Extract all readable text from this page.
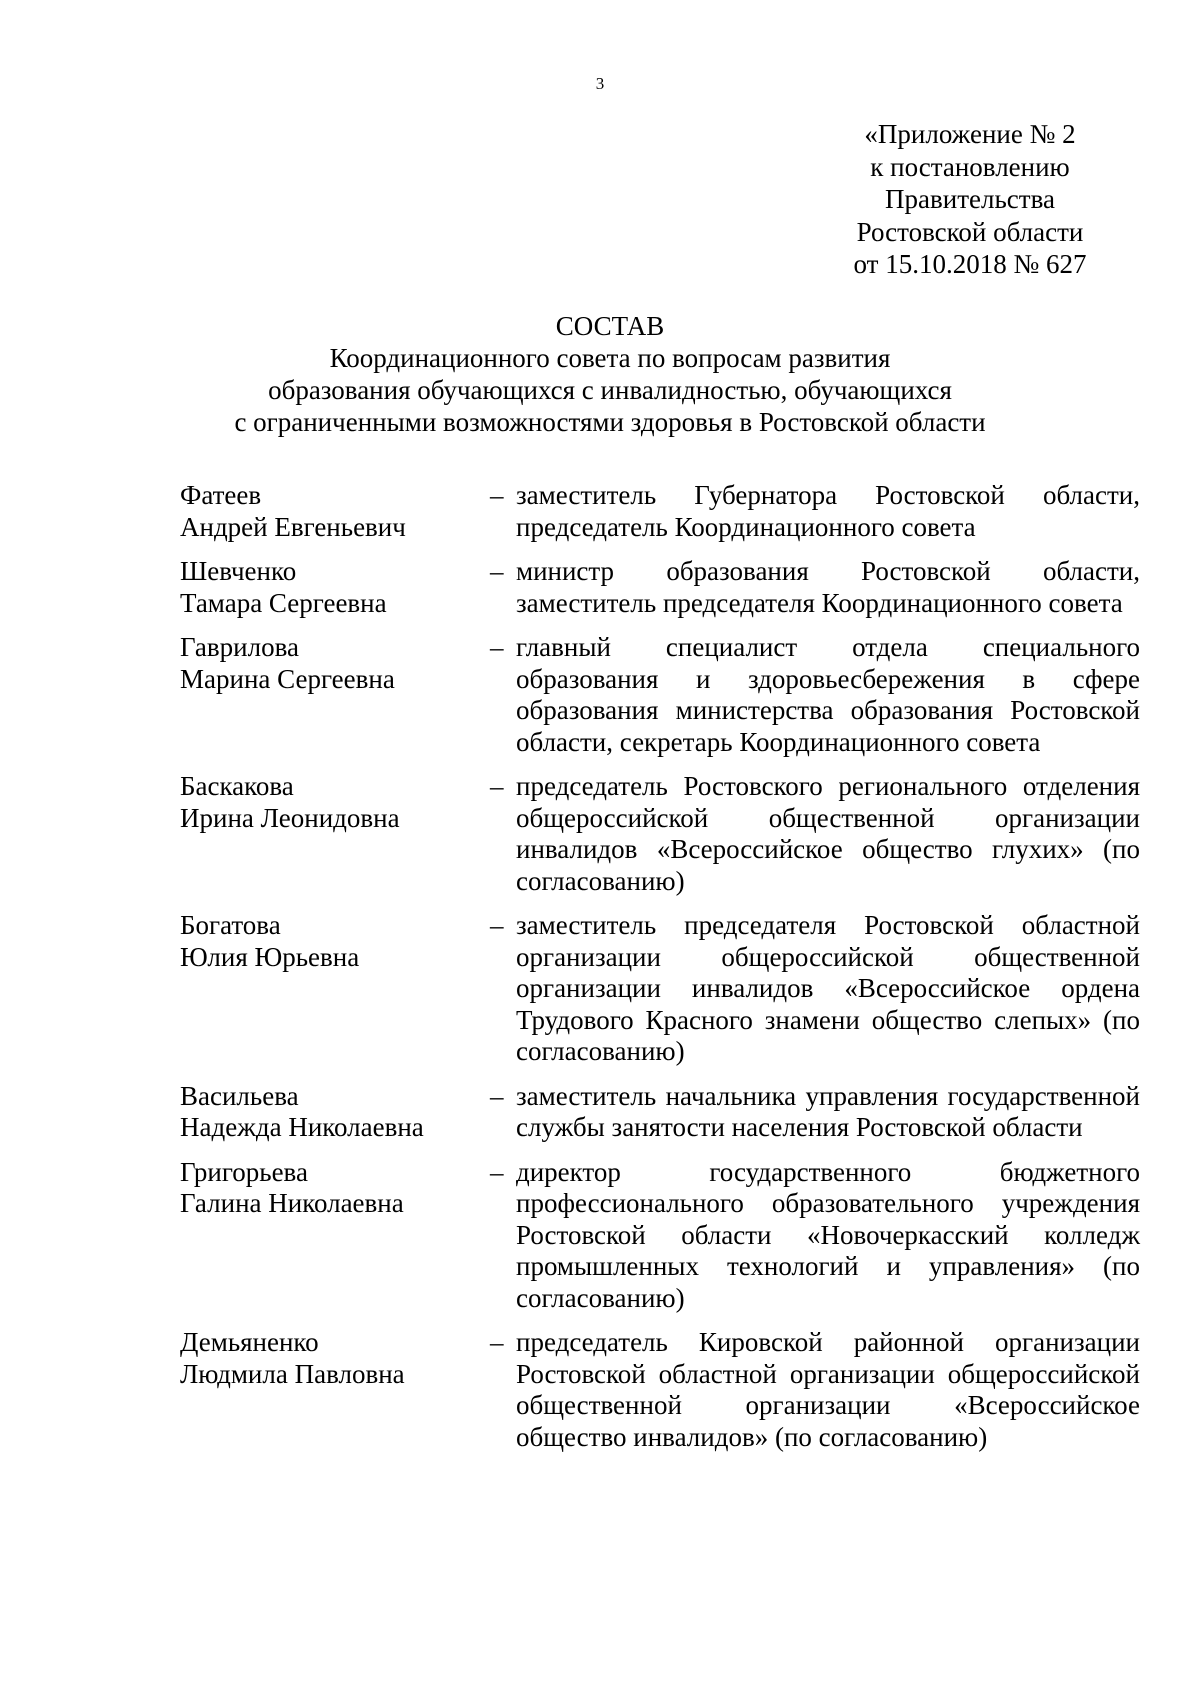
3
«Приложение № 2
к постановлению
Правительства
Ростовской области
от 15.10.2018 № 627
СОСТАВ
Координационного совета по вопросам развития
образования обучающихся с инвалидностью, обучающихся
с ограниченными возможностями здоровья в Ростовской области
Фатеев
Андрей Евгеньевич
– заместитель Губернатора Ростовской области, председатель Координационного совета
Шевченко
Тамара Сергеевна
– министр образования Ростовской области, заместитель председателя Координационного совета
Гаврилова
Марина Сергеевна
– главный специалист отдела специального образования и здоровьесбережения в сфере образования министерства образования Ростовской области, секретарь Координационного совета
Баскакова
Ирина Леонидовна
– председатель Ростовского регионального отделения общероссийской общественной организации инвалидов «Всероссийское общество глухих» (по согласованию)
Богатова
Юлия Юрьевна
– заместитель председателя Ростовской областной организации общероссийской общественной организации инвалидов «Всероссийское ордена Трудового Красного знамени общество слепых» (по согласованию)
Васильева
Надежда Николаевна
– заместитель начальника управления государственной службы занятости населения Ростовской области
Григорьева
Галина Николаевна
– директор государственного бюджетного профессионального образовательного учреждения Ростовской области «Новочеркасский колледж промышленных технологий и управления» (по согласованию)
Демьяненко
Людмила Павловна
– председатель Кировской районной организации Ростовской областной организации общероссийской общественной организации «Всероссийское общество инвалидов» (по согласованию)
